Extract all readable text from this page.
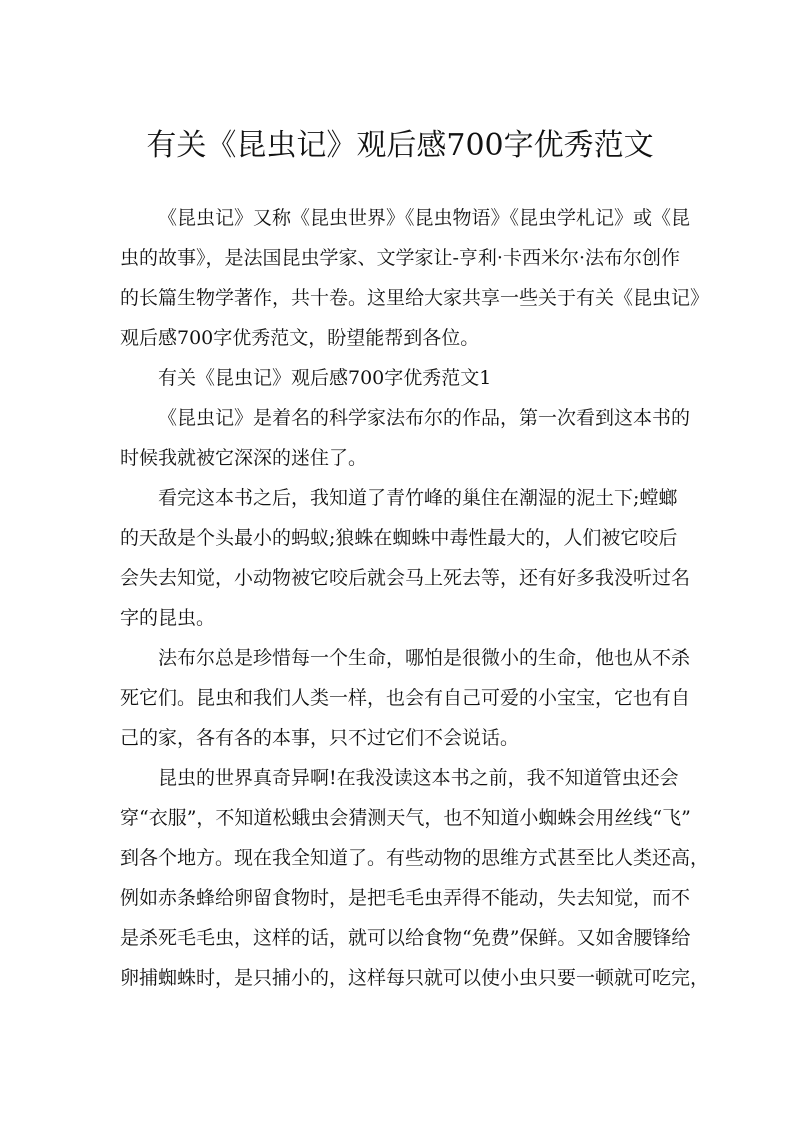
有关《昆虫记》观后感700字优秀范文
《昆虫记》又称《昆虫世界》《昆虫物语》《昆虫学札记》或《昆
虫的故事》，是法国昆虫学家、文学家让-亨利·卡西米尔·法布尔创作
的长篇生物学著作，共十卷。这里给大家共享一些关于有关《昆虫记》
观后感700字优秀范文，盼望能帮到各位。
有关《昆虫记》观后感700字优秀范文1
《昆虫记》是着名的科学家法布尔的作品，第一次看到这本书的
时候我就被它深深的迷住了。
看完这本书之后，我知道了青竹峰的巢住在潮湿的泥土下;螳螂
的天敌是个头最小的蚂蚁;狼蛛在蜘蛛中毒性最大的，人们被它咬后
会失去知觉，小动物被它咬后就会马上死去等，还有好多我没听过名
字的昆虫。
法布尔总是珍惜每一个生命，哪怕是很微小的生命，他也从不杀
死它们。昆虫和我们人类一样，也会有自己可爱的小宝宝，它也有自
己的家，各有各的本事，只不过它们不会说话。
昆虫的世界真奇异啊!在我没读这本书之前，我不知道管虫还会
穿“衣服”，不知道松蛾虫会猜测天气，也不知道小蜘蛛会用丝线“飞”
到各个地方。现在我全知道了。有些动物的思维方式甚至比人类还高，
例如赤条蜂给卵留食物时，是把毛毛虫弄得不能动，失去知觉，而不
是杀死毛毛虫，这样的话，就可以给食物“免费”保鲜。又如舍腰锋给
卵捕蜘蛛时，是只捕小的，这样每只就可以使小虫只要一顿就可吃完，
